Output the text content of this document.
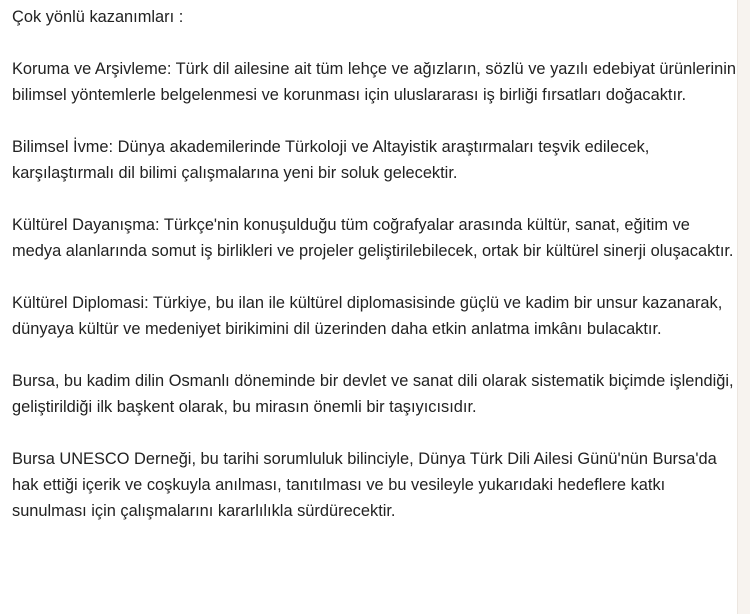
Çok yönlü kazanımları :

Koruma ve Arşivleme: Türk dil ailesine ait tüm lehçe ve ağızların, sözlü ve yazılı edebiyat ürünlerinin bilimsel yöntemlerle belgelenmesi ve korunması için uluslararası iş birliği fırsatları doğacaktır.

Bilimsel İvme: Dünya akademilerinde Türkoloji ve Altayistik araştırmaları teşvik edilecek, karşılaştırmalı dil bilimi çalışmalarına yeni bir soluk gelecektir.

Kültürel Dayanışma: Türkçe'nin konuşulduğu tüm coğrafyalar arasında kültür, sanat, eğitim ve medya alanlarında somut iş birlikleri ve projeler geliştirilebilecek, ortak bir kültürel sinerji oluşacaktır.

Kültürel Diplomasi: Türkiye, bu ilan ile kültürel diplomasisinde güçlü ve kadim bir unsur kazanarak, dünyaya kültür ve medeniyet birikimini dil üzerinden daha etkin anlatma imkânı bulacaktır.

Bursa, bu kadim dilin Osmanlı döneminde bir devlet ve sanat dili olarak sistematik biçimde işlendiği, geliştirildiği ilk başkent olarak, bu mirasın önemli bir taşıyıcısıdır.

Bursa UNESCO Derneği, bu tarihi sorumluluk bilinciyle, Dünya Türk Dili Ailesi Günü'nün Bursa'da hak ettiği içerik ve coşkuyla anılması, tanıtılması ve bu vesileyle yukarıdaki hedeflere katkı sunulması için çalışmalarını kararlılıkla sürdürecektir.
